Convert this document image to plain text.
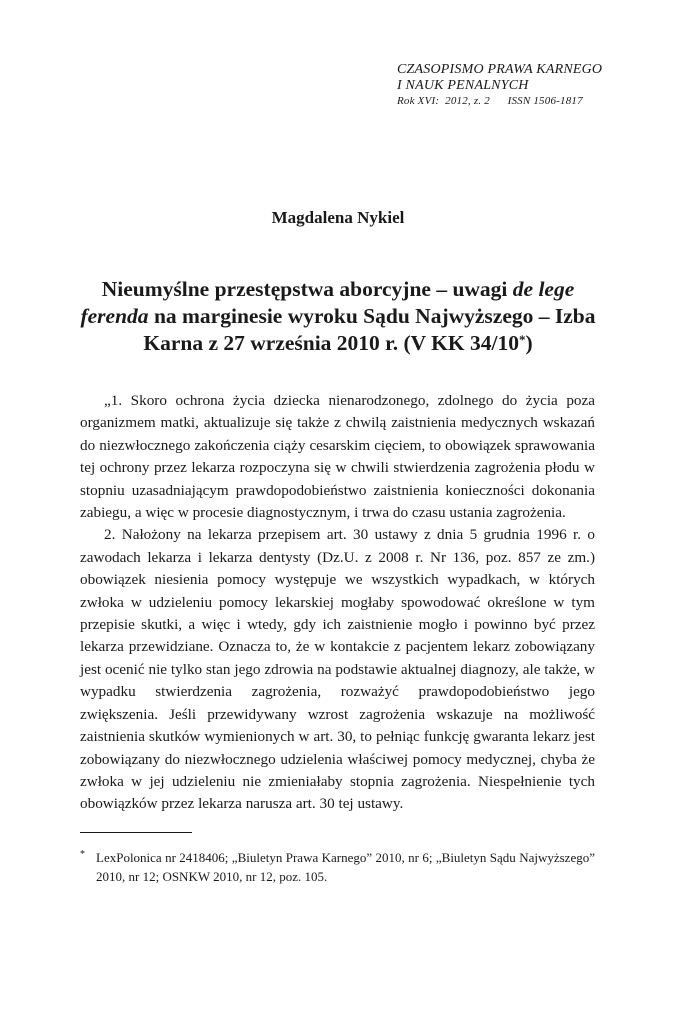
CZASOPISMO PRAWA KARNEGO
I NAUK PENALNYCH
Rok XVI:  2012, z. 2 ISSN 1506-1817
Magdalena Nykiel
Nieumyślne przestępstwa aborcyjne – uwagi de lege ferenda na marginesie wyroku Sądu Najwyższego – Izba Karna z 27 września 2010 r. (V KK 34/10*)

„1. Skoro ochrona życia dziecka nienarodzonego, zdolnego do życia poza organizmem matki, aktualizuje się także z chwilą zaistnienia medycznych wskazań do niezwłocznego zakończenia ciąży cesarskim cięciem, to obowiązek sprawowania tej ochrony przez lekarza rozpoczyna się w chwili stwierdzenia zagrożenia płodu w stopniu uzasadniającym prawdopodobieństwo zaistnienia konieczności dokonania zabiegu, a więc w procesie diagnostycznym, i trwa do czasu ustania zagrożenia.

2. Nałożony na lekarza przepisem art. 30 ustawy z dnia 5 grudnia 1996 r. o zawodach lekarza i lekarza dentysty (Dz.U. z 2008 r. Nr 136, poz. 857 ze zm.) obowiązek niesienia pomocy występuje we wszystkich wypadkach, w których zwłoka w udzieleniu pomocy lekarskiej mogłaby spowodować określone w tym przepisie skutki, a więc i wtedy, gdy ich zaistnienie mogło i powinno być przez lekarza przewidziane. Oznacza to, że w kontakcie z pacjentem lekarz zobowiązany jest ocenić nie tylko stan jego zdrowia na podstawie aktualnej diagnozy, ale także, w wypadku stwierdzenia zagrożenia, rozważyć prawdopodobieństwo jego zwiększenia. Jeśli przewidywany wzrost zagrożenia wskazuje na możliwość zaistnienia skutków wymienionych w art. 30, to pełniąc funkcję gwaranta lekarz jest zobowiązany do niezwłocznego udzielenia właściwej pomocy medycznej, chyba że zwłoka w jej udzieleniu nie zmieniałaby stopnia zagrożenia. Niespełnienie tych obowiązków przez lekarza narusza art. 30 tej ustawy.

* LexPolonica nr 2418406; „Biuletyn Prawa Karnego” 2010, nr 6; „Biuletyn Sądu Najwyższego” 2010, nr 12; OSNKW 2010, nr 12, poz. 105.
